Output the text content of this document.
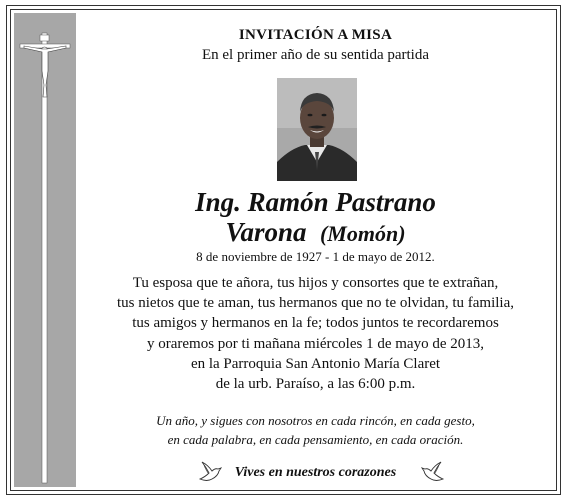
INVITACIÓN A MISA
En el primer año de su sentida partida
Ing. Ramón Pastrano
Varona (Momón)
8 de noviembre de 1927 - 1 de mayo de 2012.
Tu esposa que te añora, tus hijos y consortes que te extrañan,
tus nietos que te aman, tus hermanos que no te olvidan, tu familia,
tus amigos y hermanos en la fe; todos juntos te recordaremos
y oraremos por ti mañana miércoles 1 de mayo de 2013,
en la Parroquia San Antonio María Claret
de la urb. Paraíso, a las 6:00 p.m.
Un año, y sigues con nosotros en cada rincón, en cada gesto,
en cada palabra, en cada pensamiento, en cada oración.
Vives en nuestros corazones
